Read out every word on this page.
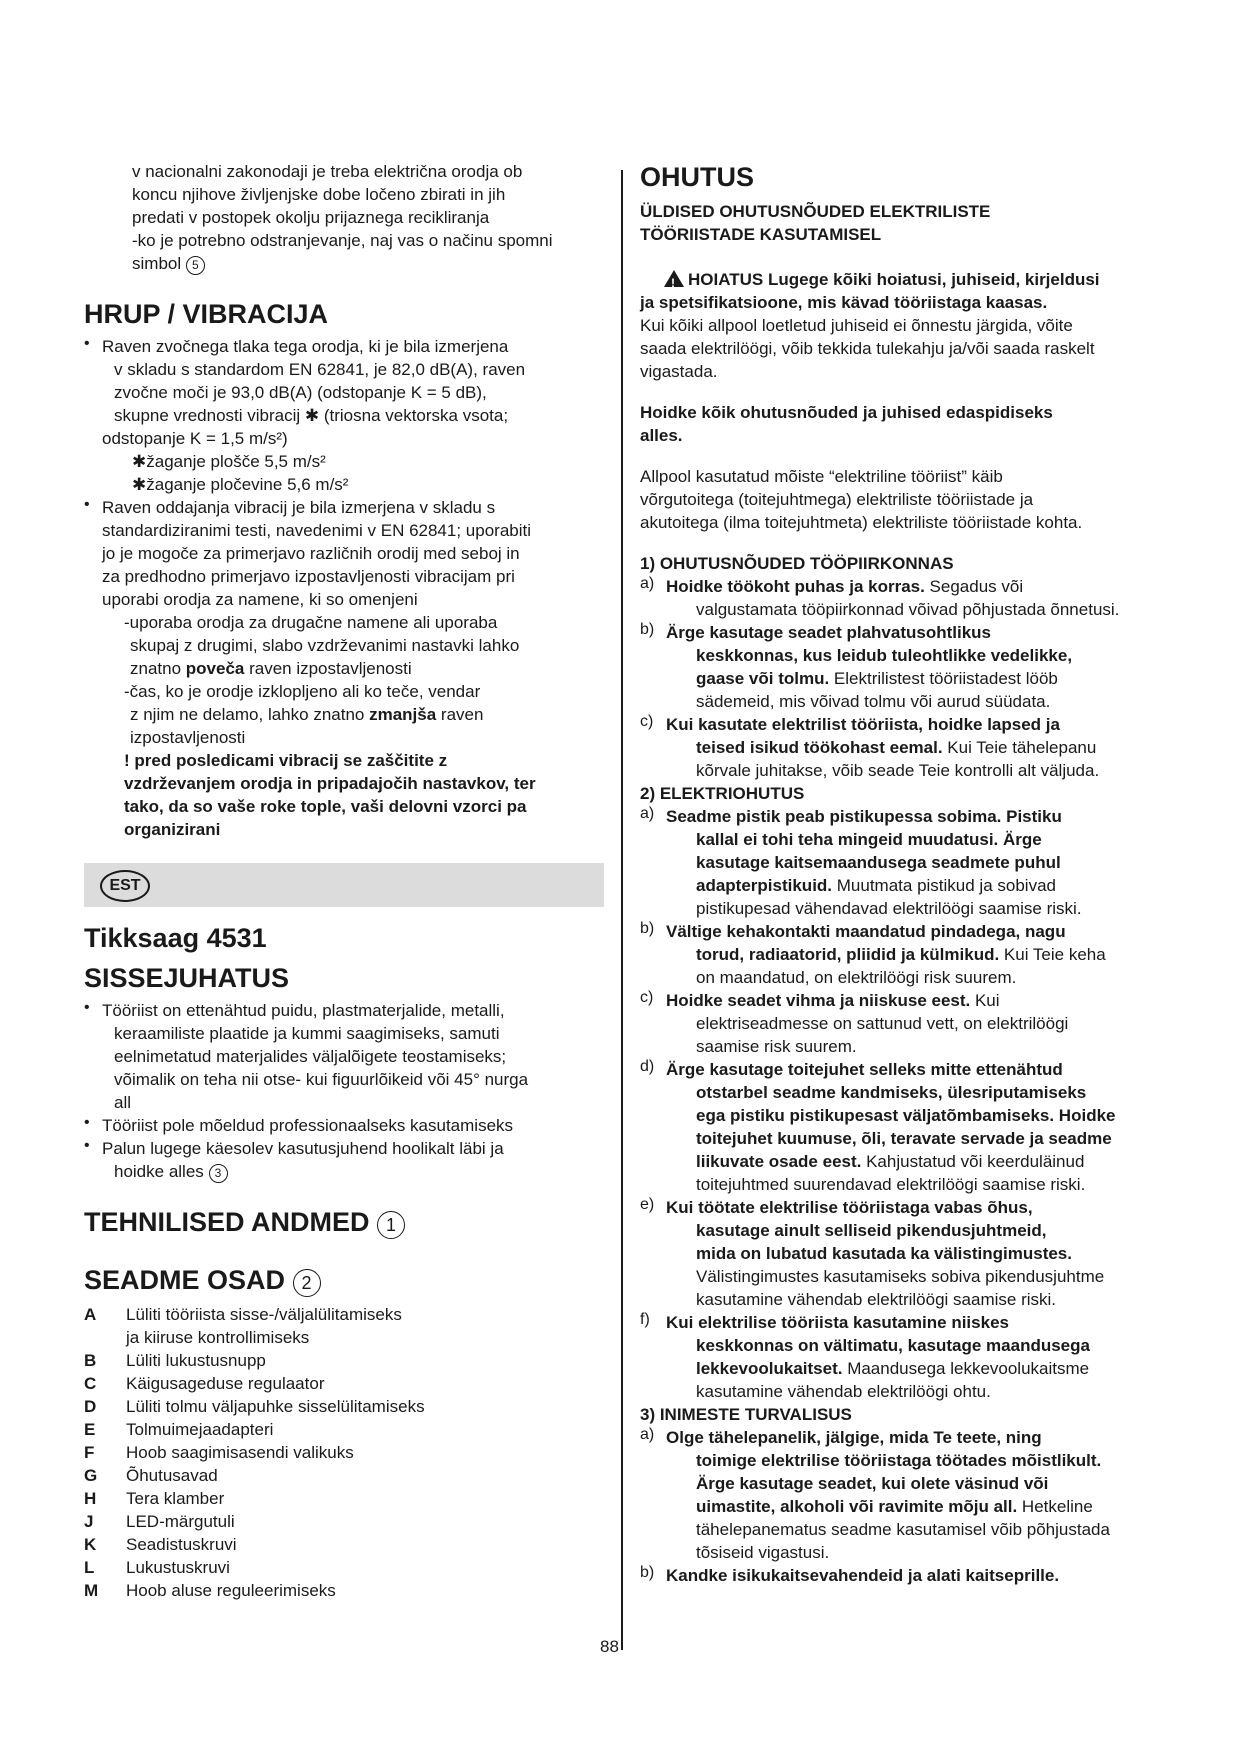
v nacionalni zakonodaji je treba električna orodja ob

koncu njihove življenjske dobe ločeno zbirati in jih

predati v postopek okolju prijaznega recikliranja

-ko je potrebno odstranjevanje, naj vas o načinu spomni

simbol 5

HRUP / VIBRACIJA

• Raven zvočnega tlaka tega orodja, ki je bila izmerjena

v skladu s standardom EN 62841, je 82,0 dB(A), raven

zvočne moči je 93,0 dB(A) (odstopanje K = 5 dB),

skupne vrednosti vibracij ✱ (triosna vektorska vsota;

odstopanje K = 1,5 m/s²)

✱žaganje plošče 5,5 m/s²

✱žaganje pločevine 5,6 m/s²

• Raven oddajanja vibracij je bila izmerjena v skladu s

standardiziranimi testi, navedenimi v EN 62841; uporabiti

jo je mogoče za primerjavo različnih orodij med seboj in

za predhodno primerjavo izpostavljenosti vibracijam pri

uporabi orodja za namene, ki so omenjeni

-uporaba orodja za drugačne namene ali uporaba

skupaj z drugimi, slabo vzdrževanimi nastavki lahko

znatno poveča raven izpostavljenosti

-čas, ko je orodje izklopljeno ali ko teče, vendar

z njim ne delamo, lahko znatno zmanjša raven

izpostavljenosti

! pred posledicami vibracij se zaščitite z

vzdrževanjem orodja in pripadajočih nastavkov, ter

tako, da so vaše roke tople, vaši delovni vzorci pa

organizirani

EST
Tikksaag 4531
SISSEJUHATUS

• Tööriist on ettenähtud puidu, plastmaterjalide, metalli,

keraamiliste plaatide ja kummi saagimiseks, samuti

eelnimetatud materjalides väljalõigete teostamiseks;

võimalik on teha nii otse- kui figuurlõikeid või 45° nurga

all

• Tööriist pole mõeldud professionaalseks kasutamiseks

• Palun lugege käesolev kasutusjuhend hoolikalt läbi ja

hoidke alles 3

TEHNILISED ANDMED 1
SEADME OSAD 2
A	Lüliti tööriista sisse-/väljalülitamiseks
ja kiiruse kontrollimiseks
B	Lüliti lukustusnupp
C	Käigusageduse regulaator
D	Lüliti tolmu väljapuhke sisselülitamiseks
E	Tolmuimejaadapteri
F	Hoob saagimisasendi valikuks
G	Õhutusavad
H	Tera klamber
J	LED-märgutuli
K	Seadistuskruvi
L	Lukustuskruvi
M	Hoob aluse reguleerimiseks
OHUTUS

ÜLDISED OHUTUSNÕUDED ELEKTRILISTE

TÖÖRIISTADE KASUTAMISEL

!HOIATUS Lugege kõiki hoiatusi, juhiseid, kirjeldusi

ja spetsifikatsioone, mis kävad tööriistaga kaasas.

Kui kõiki allpool loetletud juhiseid ei õnnestu järgida, võite

saada elektrilöögi, võib tekkida tulekahju ja/või saada raskelt

vigastada.

Hoidke kõik ohutusnõuded ja juhised edaspidiseks

alles.

Allpool kasutatud mõiste “elektriline tööriist” käib

võrgutoitega (toitejuhtmega) elektriliste tööriistade ja

akutoitega (ilma toitejuhtmeta) elektriliste tööriistade kohta.

1) OHUTUSNÕUDED TÖÖPIIRKONNAS

a) Hoidke töökoht puhas ja korras. Segadus või

valgustamata tööpiirkonnad võivad põhjustada õnnetusi.

b) Ärge kasutage seadet plahvatusohtlikus

keskkonnas, kus leidub tuleohtlikke vedelikke,

gaase või tolmu. Elektrilistest tööriistadest lööb

sädemeid, mis võivad tolmu või aurud süüdata.

c) Kui kasutate elektrilist tööriista, hoidke lapsed ja

teised isikud töökohast eemal. Kui Teie tähelepanu

kõrvale juhitakse, võib seade Teie kontrolli alt väljuda.

2) ELEKTRIOHUTUS

a) Seadme pistik peab pistikupessa sobima. Pistiku

kallal ei tohi teha mingeid muudatusi. Ärge

kasutage kaitsemaandusega seadmete puhul

adapterpistikuid. Muutmata pistikud ja sobivad

pistikupesad vähendavad elektrilöögi saamise riski.

b) Vältige kehakontakti maandatud pindadega, nagu

torud, radiaatorid, pliidid ja külmikud. Kui Teie keha

on maandatud, on elektrilöögi risk suurem.

c) Hoidke seadet vihma ja niiskuse eest. Kui

elektriseadmesse on sattunud vett, on elektrilöögi

saamise risk suurem.

d) Ärge kasutage toitejuhet selleks mitte ettenähtud

otstarbel seadme kandmiseks, ülesriputamiseks

ega pistiku pistikupesast väljatõmbamiseks. Hoidke

toitejuhet kuumuse, õli, teravate servade ja seadme

liikuvate osade eest. Kahjustatud või keerduläinud

toitejuhtmed suurendavad elektrilöögi saamise riski.

e) Kui töötate elektrilise tööriistaga vabas õhus,

kasutage ainult selliseid pikendusjuhtmeid,

mida on lubatud kasutada ka välistingimustes.

Välistingimustes kasutamiseks sobiva pikendusjuhtme

kasutamine vähendab elektrilöögi saamise riski.

f) Kui elektrilise tööriista kasutamine niiskes

keskkonnas on vältimatu, kasutage maandusega

lekkevoolukaitset. Maandusega lekkevoolukaitsme

kasutamine vähendab elektrilöögi ohtu.

3) INIMESTE TURVALISUS

a) Olge tähelepanelik, jälgige, mida Te teete, ning

toimige elektrilise tööriistaga töötades mõistlikult.

Ärge kasutage seadet, kui olete väsinud või

uimastite, alkoholi või ravimite mõju all. Hetkeline

tähelepanematus seadme kasutamisel võib põhjustada

tõsiseid vigastusi.

b) Kandke isikukaitsevahendeid ja alati kaitseprille.

88
